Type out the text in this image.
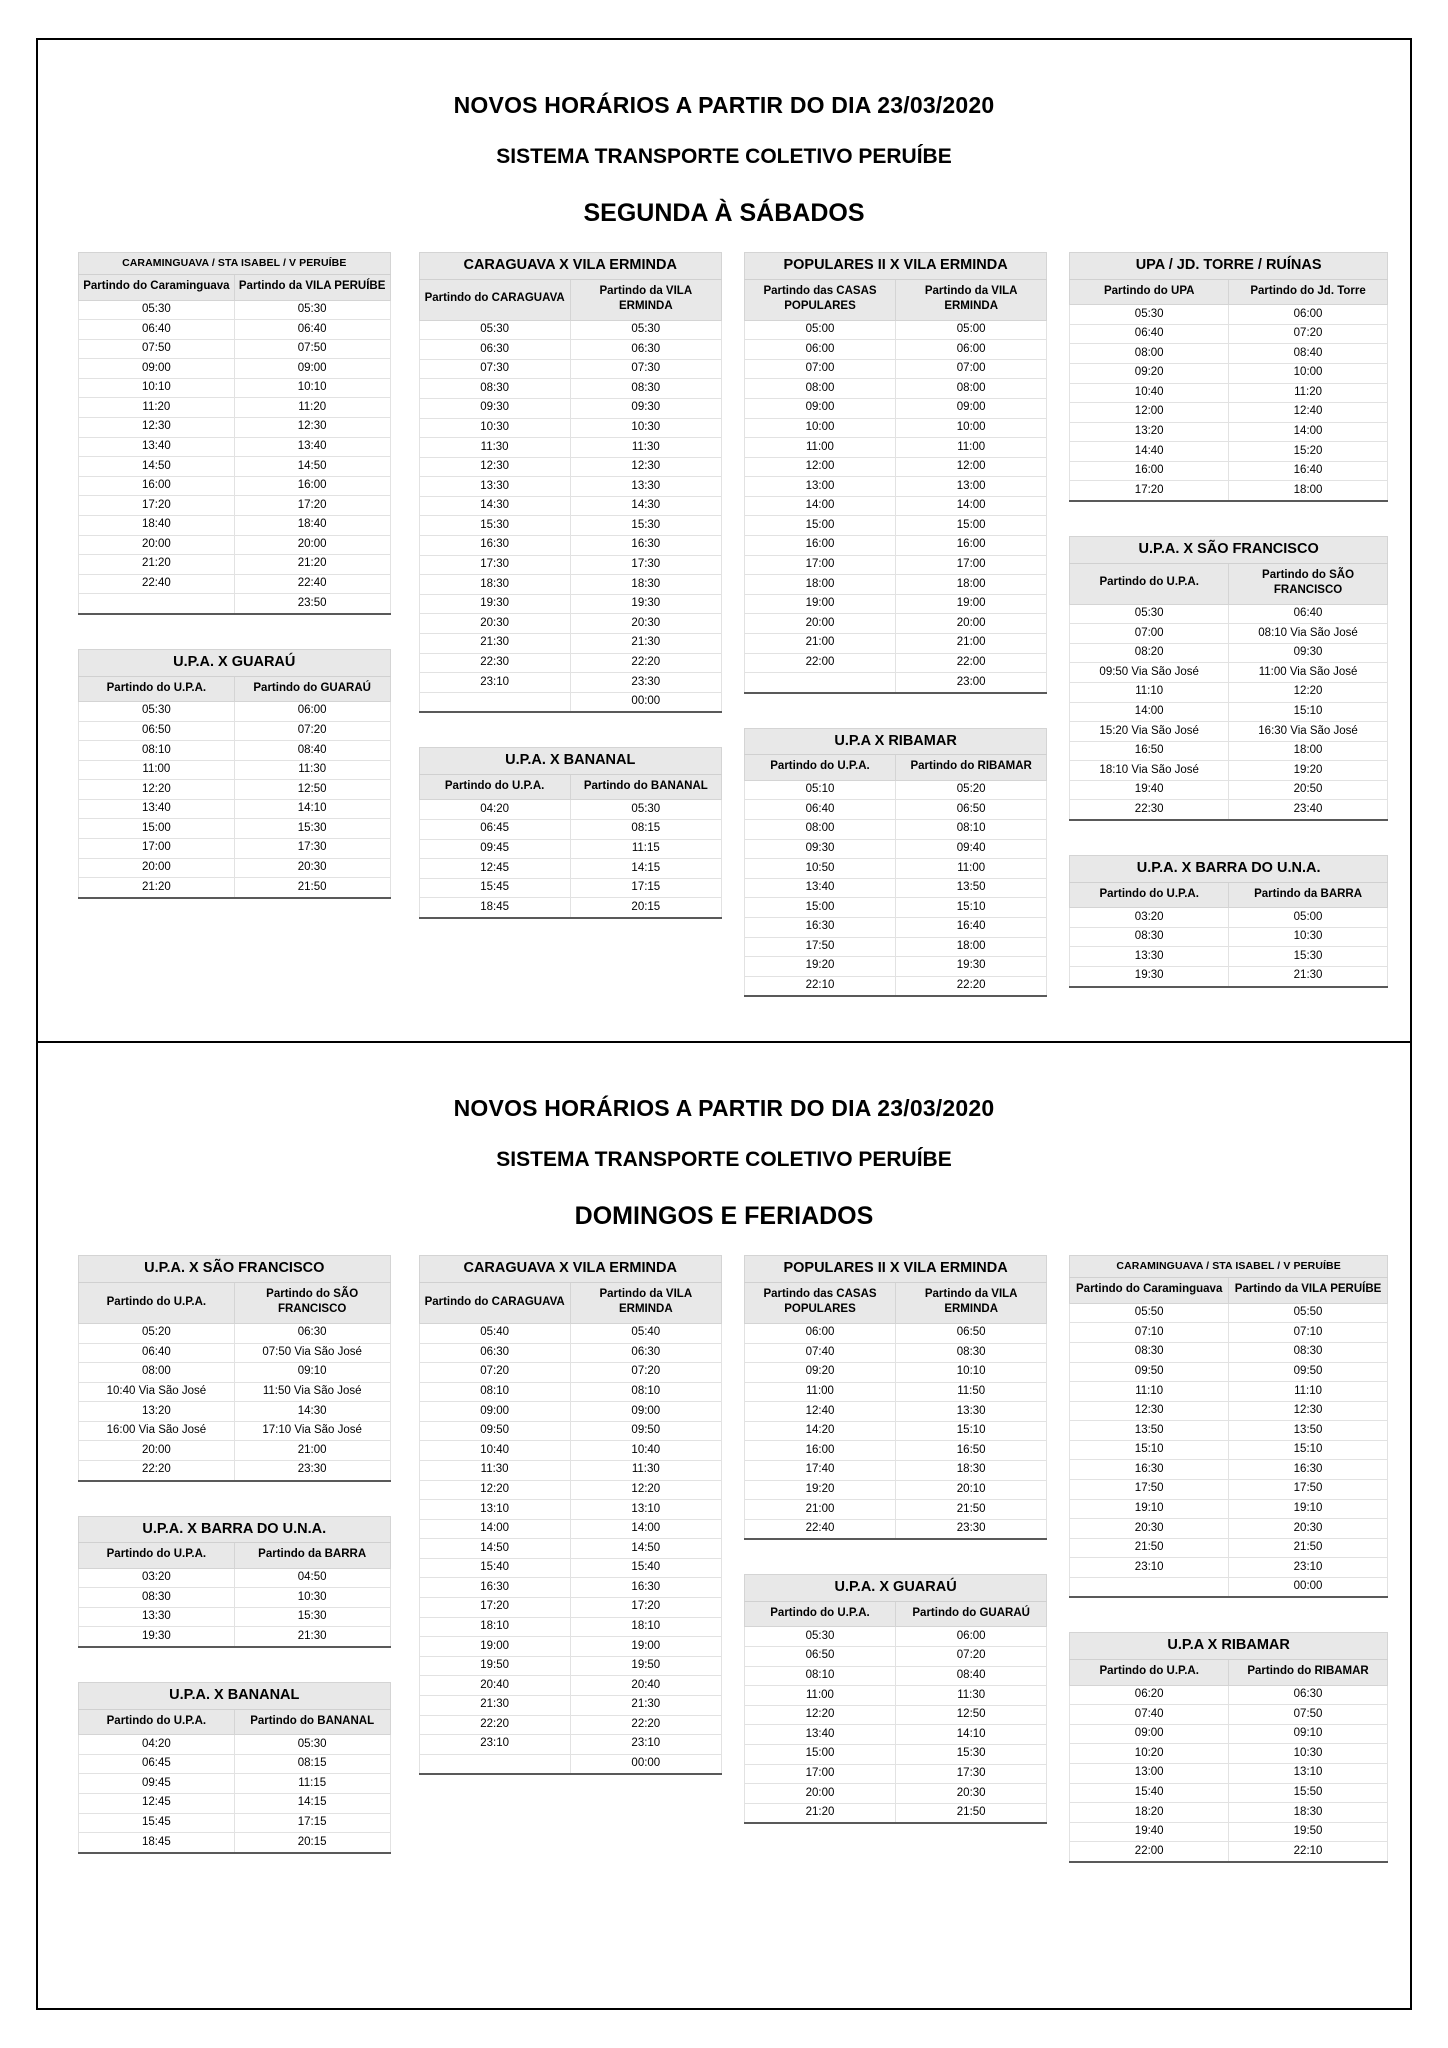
NOVOS HORÁRIOS A PARTIR DO DIA 23/03/2020
SISTEMA TRANSPORTE COLETIVO PERUÍBE
SEGUNDA À SÁBADOS
CARAMINGUAVA / STA ISABEL / V PERUÍBE	
Partindo do Caraminguava	Partindo da VILA PERUÍBE
05:30	05:30
06:40	06:40
07:50	07:50
09:00	09:00
10:10	10:10
11:20	11:20
12:30	12:30
13:40	13:40
14:50	14:50
16:00	16:00
17:20	17:20
18:40	18:40
20:00	20:00
21:20	21:20
22:40	22:40
	23:50
U.P.A. X GUARAÚ	
Partindo do U.P.A.	Partindo do GUARAÚ
05:30	06:00
06:50	07:20
08:10	08:40
11:00	11:30
12:20	12:50
13:40	14:10
15:00	15:30
17:00	17:30
20:00	20:30
21:20	21:50
CARAGUAVA X VILA ERMINDA	
Partindo do CARAGUAVA	Partindo da VILA ERMINDA
05:30	05:30
06:30	06:30
07:30	07:30
08:30	08:30
09:30	09:30
10:30	10:30
11:30	11:30
12:30	12:30
13:30	13:30
14:30	14:30
15:30	15:30
16:30	16:30
17:30	17:30
18:30	18:30
19:30	19:30
20:30	20:30
21:30	21:30
22:30	22:20
23:10	23:30
	00:00
U.P.A. X BANANAL	
Partindo do U.P.A.	Partindo do BANANAL
04:20	05:30
06:45	08:15
09:45	11:15
12:45	14:15
15:45	17:15
18:45	20:15
POPULARES II X VILA ERMINDA	
Partindo das CASAS POPULARES	Partindo da VILA ERMINDA
05:00	05:00
06:00	06:00
07:00	07:00
08:00	08:00
09:00	09:00
10:00	10:00
11:00	11:00
12:00	12:00
13:00	13:00
14:00	14:00
15:00	15:00
16:00	16:00
17:00	17:00
18:00	18:00
19:00	19:00
20:00	20:00
21:00	21:00
22:00	22:00
	23:00
U.P.A X RIBAMAR	
Partindo do U.P.A.	Partindo do RIBAMAR
05:10	05:20
06:40	06:50
08:00	08:10
09:30	09:40
10:50	11:00
13:40	13:50
15:00	15:10
16:30	16:40
17:50	18:00
19:20	19:30
22:10	22:20
UPA / JD. TORRE / RUÍNAS	
Partindo do UPA	Partindo do Jd. Torre
05:30	06:00
06:40	07:20
08:00	08:40
09:20	10:00
10:40	11:20
12:00	12:40
13:20	14:00
14:40	15:20
16:00	16:40
17:20	18:00
U.P.A. X SÃO FRANCISCO	
Partindo do U.P.A.	Partindo do SÃO FRANCISCO
05:30	06:40
07:00	08:10 Via São José
08:20	09:30
09:50 Via São José	11:00 Via São José
11:10	12:20
14:00	15:10
15:20 Via São José	16:30 Via São José
16:50	18:00
18:10 Via São José	19:20
19:40	20:50
22:30	23:40
U.P.A. X BARRA DO U.N.A.	
Partindo do U.P.A.	Partindo da BARRA
03:20	05:00
08:30	10:30
13:30	15:30
19:30	21:30
NOVOS HORÁRIOS A PARTIR DO DIA 23/03/2020
SISTEMA TRANSPORTE COLETIVO PERUÍBE
DOMINGOS E FERIADOS
U.P.A. X SÃO FRANCISCO	
Partindo do U.P.A.	Partindo do SÃO FRANCISCO
05:20	06:30
06:40	07:50 Via São José
08:00	09:10
10:40 Via São José	11:50 Via São José
13:20	14:30
16:00 Via São José	17:10 Via São José
20:00	21:00
22:20	23:30
U.P.A. X BARRA DO U.N.A.	
Partindo do U.P.A.	Partindo da BARRA
03:20	04:50
08:30	10:30
13:30	15:30
19:30	21:30
U.P.A. X BANANAL	
Partindo do U.P.A.	Partindo do BANANAL
04:20	05:30
06:45	08:15
09:45	11:15
12:45	14:15
15:45	17:15
18:45	20:15
CARAGUAVA X VILA ERMINDA	
Partindo do CARAGUAVA	Partindo da VILA ERMINDA
05:40	05:40
06:30	06:30
07:20	07:20
08:10	08:10
09:00	09:00
09:50	09:50
10:40	10:40
11:30	11:30
12:20	12:20
13:10	13:10
14:00	14:00
14:50	14:50
15:40	15:40
16:30	16:30
17:20	17:20
18:10	18:10
19:00	19:00
19:50	19:50
20:40	20:40
21:30	21:30
22:20	22:20
23:10	23:10
	00:00
POPULARES II X VILA ERMINDA	
Partindo das CASAS POPULARES	Partindo da VILA ERMINDA
06:00	06:50
07:40	08:30
09:20	10:10
11:00	11:50
12:40	13:30
14:20	15:10
16:00	16:50
17:40	18:30
19:20	20:10
21:00	21:50
22:40	23:30
U.P.A. X GUARAÚ	
Partindo do U.P.A.	Partindo do GUARAÚ
05:30	06:00
06:50	07:20
08:10	08:40
11:00	11:30
12:20	12:50
13:40	14:10
15:00	15:30
17:00	17:30
20:00	20:30
21:20	21:50
CARAMINGUAVA / STA ISABEL / V PERUÍBE	
Partindo do Caraminguava	Partindo da VILA PERUÍBE
05:50	05:50
07:10	07:10
08:30	08:30
09:50	09:50
11:10	11:10
12:30	12:30
13:50	13:50
15:10	15:10
16:30	16:30
17:50	17:50
19:10	19:10
20:30	20:30
21:50	21:50
23:10	23:10
	00:00
U.P.A X RIBAMAR	
Partindo do U.P.A.	Partindo do RIBAMAR
06:20	06:30
07:40	07:50
09:00	09:10
10:20	10:30
13:00	13:10
15:40	15:50
18:20	18:30
19:40	19:50
22:00	22:10
